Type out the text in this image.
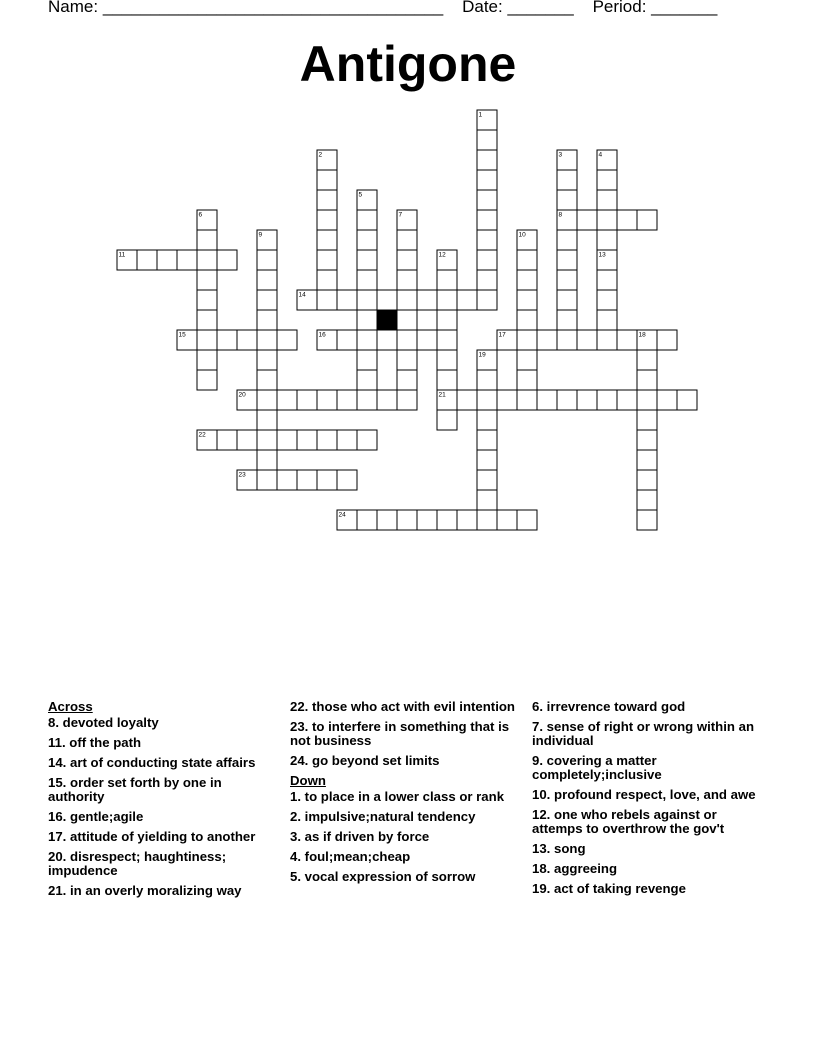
Name: ____________________________________ Date: _______ Period: _______
Antigone
1
2	3	4
5
6	7	8
9	10
11	12	13
14
15	16	17	18
19
20	21
22
23
24
Across
8. devoted loyalty
11. off the path
14. art of conducting state affairs
15. order set forth by one in authority
16. gentle;agile
17. attitude of yielding to another
20. disrespect; haughtiness; impudence
21. in an overly moralizing way
22. those who act with evil intention
23. to interfere in something that is not business
24. go beyond set limits
Down
1. to place in a lower class or rank
2. impulsive;natural tendency
3. as if driven by force
4. foul;mean;cheap
5. vocal expression of sorrow
6. irrevrence toward god
7. sense of right or wrong within an individual
9. covering a matter completely;inclusive
10. profound respect, love, and awe
12. one who rebels against or attemps to overthrow the gov't
13. song
18. aggreeing
19. act of taking revenge
